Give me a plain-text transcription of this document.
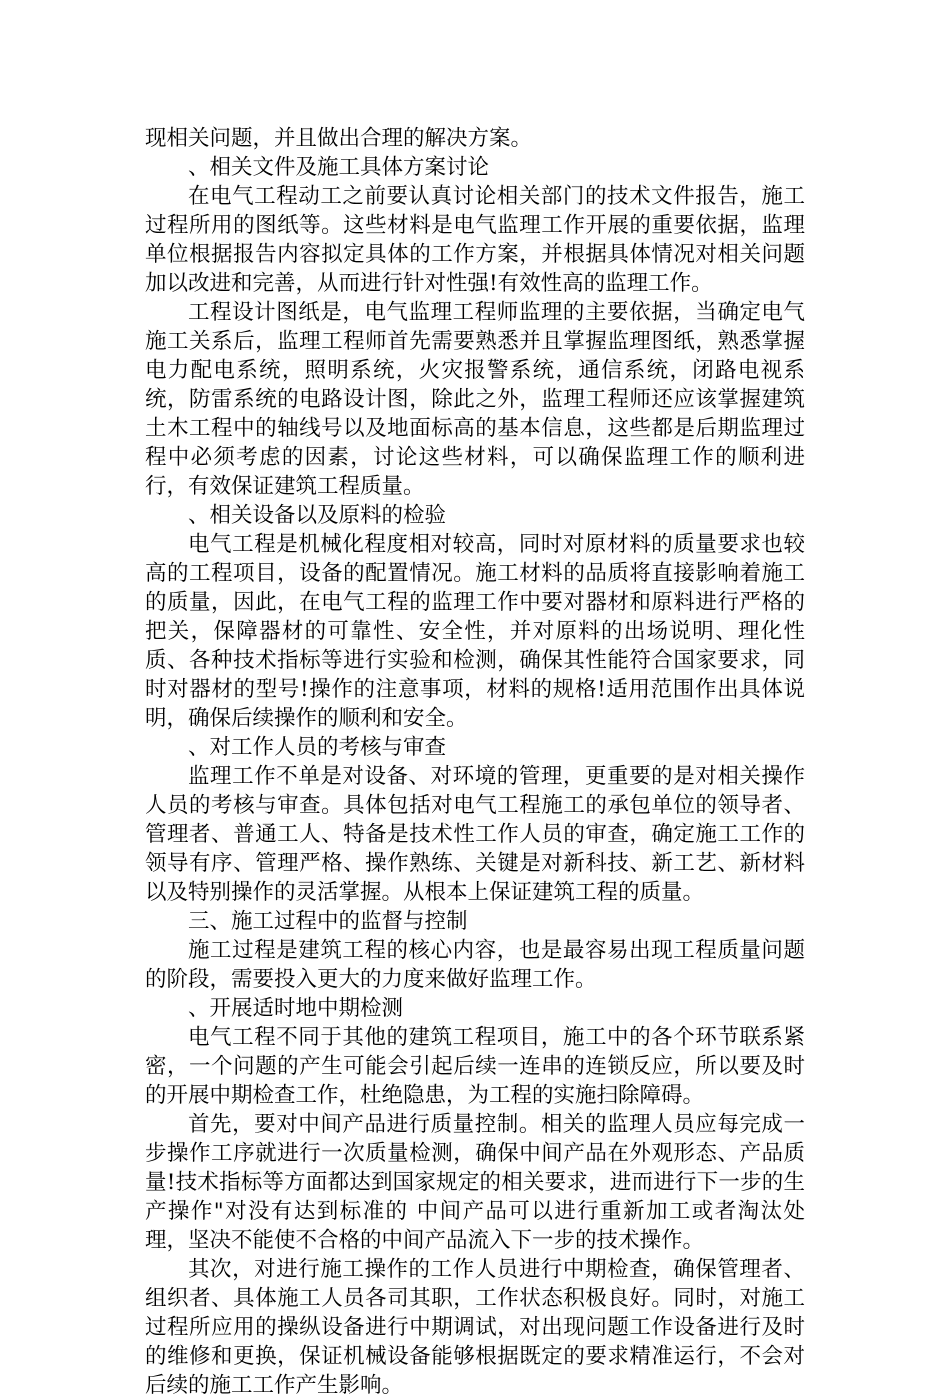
现相关问题，并且做出合理的解决方案。

、相关文件及施工具体方案讨论

在电气工程动工之前要认真讨论相关部门的技术文件报告，施工过程所用的图纸等。这些材料是电气监理工作开展的重要依据，监理单位根据报告内容拟定具体的工作方案，并根据具体情况对相关问题加以改进和完善，从而进行针对性强!有效性高的监理工作。

工程设计图纸是，电气监理工程师监理的主要依据，当确定电气施工关系后，监理工程师首先需要熟悉并且掌握监理图纸，熟悉掌握电力配电系统，照明系统，火灾报警系统，通信系统，闭路电视系统，防雷系统的电路设计图，除此之外，监理工程师还应该掌握建筑土木工程中的轴线号以及地面标高的基本信息，这些都是后期监理过程中必须考虑的因素，讨论这些材料，可以确保监理工作的顺利进行，有效保证建筑工程质量。

、相关设备以及原料的检验

电气工程是机械化程度相对较高，同时对原材料的质量要求也较高的工程项目，设备的配置情况。施工材料的品质将直接影响着施工的质量，因此，在电气工程的监理工作中要对器材和原料进行严格的把关，保障器材的可靠性、安全性，并对原料的出场说明、理化性质、各种技术指标等进行实验和检测，确保其性能符合国家要求，同时对器材的型号!操作的注意事项，材料的规格!适用范围作出具体说明，确保后续操作的顺利和安全。

、对工作人员的考核与审查

监理工作不单是对设备、对环境的管理，更重要的是对相关操作人员的考核与审查。具体包括对电气工程施工的承包单位的领导者、管理者、普通工人、特备是技术性工作人员的审查，确定施工工作的领导有序、管理严格、操作熟练、关键是对新科技、新工艺、新材料以及特别操作的灵活掌握。从根本上保证建筑工程的质量。

三、施工过程中的监督与控制

施工过程是建筑工程的核心内容，也是最容易出现工程质量问题的阶段，需要投入更大的力度来做好监理工作。

、开展适时地中期检测

电气工程不同于其他的建筑工程项目，施工中的各个环节联系紧密，一个问题的产生可能会引起后续一连串的连锁反应，所以要及时的开展中期检查工作，杜绝隐患，为工程的实施扫除障碍。

首先，要对中间产品进行质量控制。相关的监理人员应每完成一步操作工序就进行一次质量检测，确保中间产品在外观形态、产品质量!技术指标等方面都达到国家规定的相关要求，进而进行下一步的生产操作"对没有达到标准的 中间产品可以进行重新加工或者淘汰处理，坚决不能使不合格的中间产品流入下一步的技术操作。

其次，对进行施工操作的工作人员进行中期检查，确保管理者、组织者、具体施工人员各司其职，工作状态积极良好。同时，对施工过程所应用的操纵设备进行中期调试，对出现问题工作设备进行及时的维修和更换，保证机械设备能够根据既定的要求精准运行，不会对后续的施工工作产生影响。
